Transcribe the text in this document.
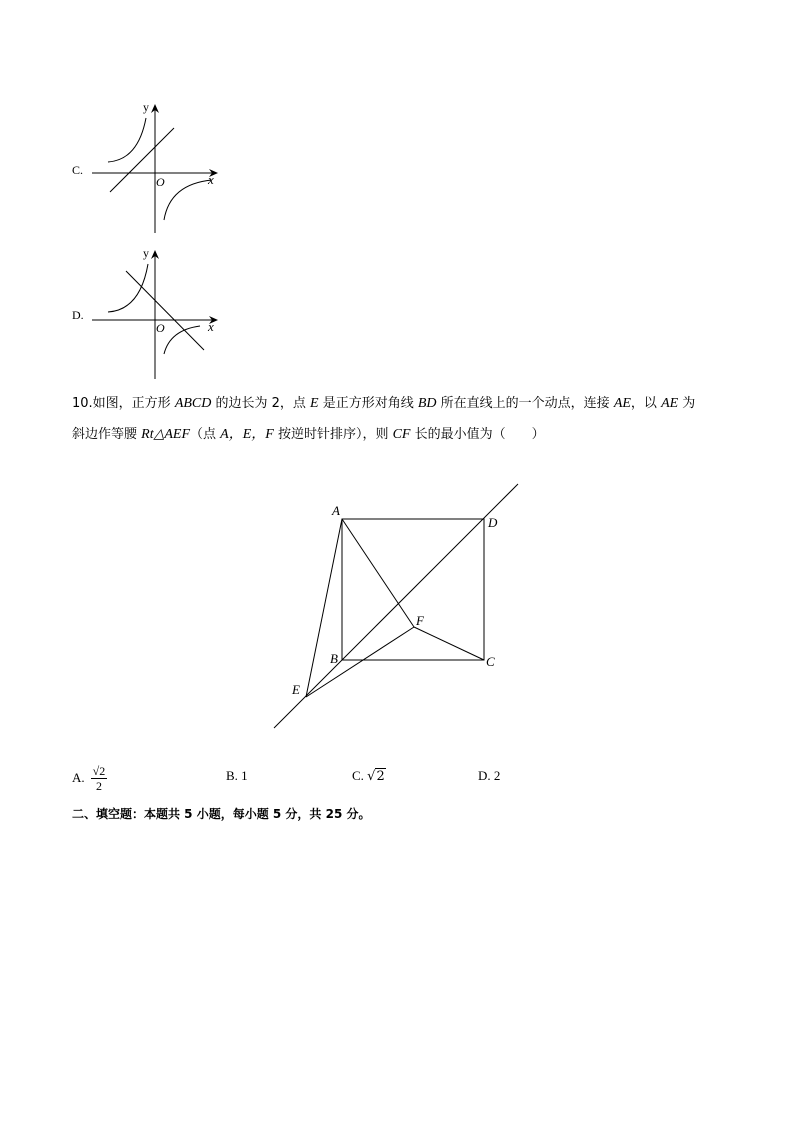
C.
y
x
O
D.
y
x
O
10.如图，正方形 ABCD 的边长为 2，点 E 是正方形对角线 BD 所在直线上的一个动点，连接 AE，以 AE 为
斜边作等腰 Rt△AEF（点 A，E，F 按逆时针排序），则 CF 长的最小值为（　　）
A
D
F
B	C
E
A. $\frac{√2}{2}$	B. 1	C. √2	D. 2
二、填空题：本题共 5 小题，每小题 5 分，共 25 分。
